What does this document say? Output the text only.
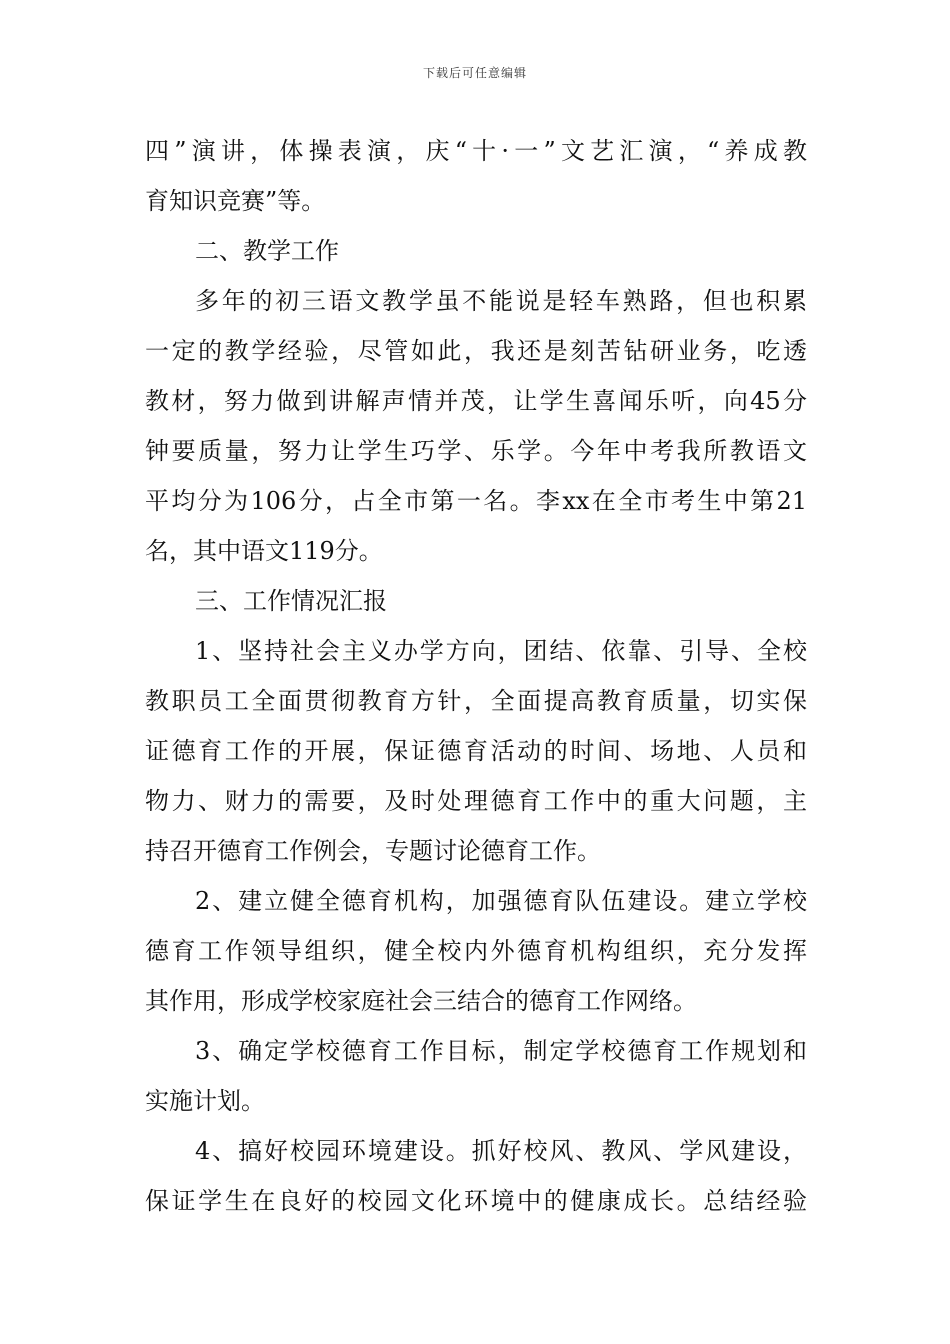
下载后可任意编辑
四”演讲，体操表演，庆“十·一”文艺汇演，“养成教
育知识竞赛”等。
二、教学工作
多年的初三语文教学虽不能说是轻车熟路，但也积累
一定的教学经验，尽管如此，我还是刻苦钻研业务，吃透
教材，努力做到讲解声情并茂，让学生喜闻乐听，向45分
钟要质量，努力让学生巧学、乐学。今年中考我所教语文
平均分为106分，占全市第一名。李xx在全市考生中第21
名，其中语文119分。
三、工作情况汇报
1、坚持社会主义办学方向，团结、依靠、引导、全校
教职员工全面贯彻教育方针，全面提高教育质量，切实保
证德育工作的开展，保证德育活动的时间、场地、人员和
物力、财力的需要，及时处理德育工作中的重大问题，主
持召开德育工作例会，专题讨论德育工作。
2、建立健全德育机构，加强德育队伍建设。建立学校
德育工作领导组织，健全校内外德育机构组织，充分发挥
其作用，形成学校家庭社会三结合的德育工作网络。
3、确定学校德育工作目标，制定学校德育工作规划和
实施计划。
4、搞好校园环境建设。抓好校风、教风、学风建设，
保证学生在良好的校园文化环境中的健康成长。总结经验
